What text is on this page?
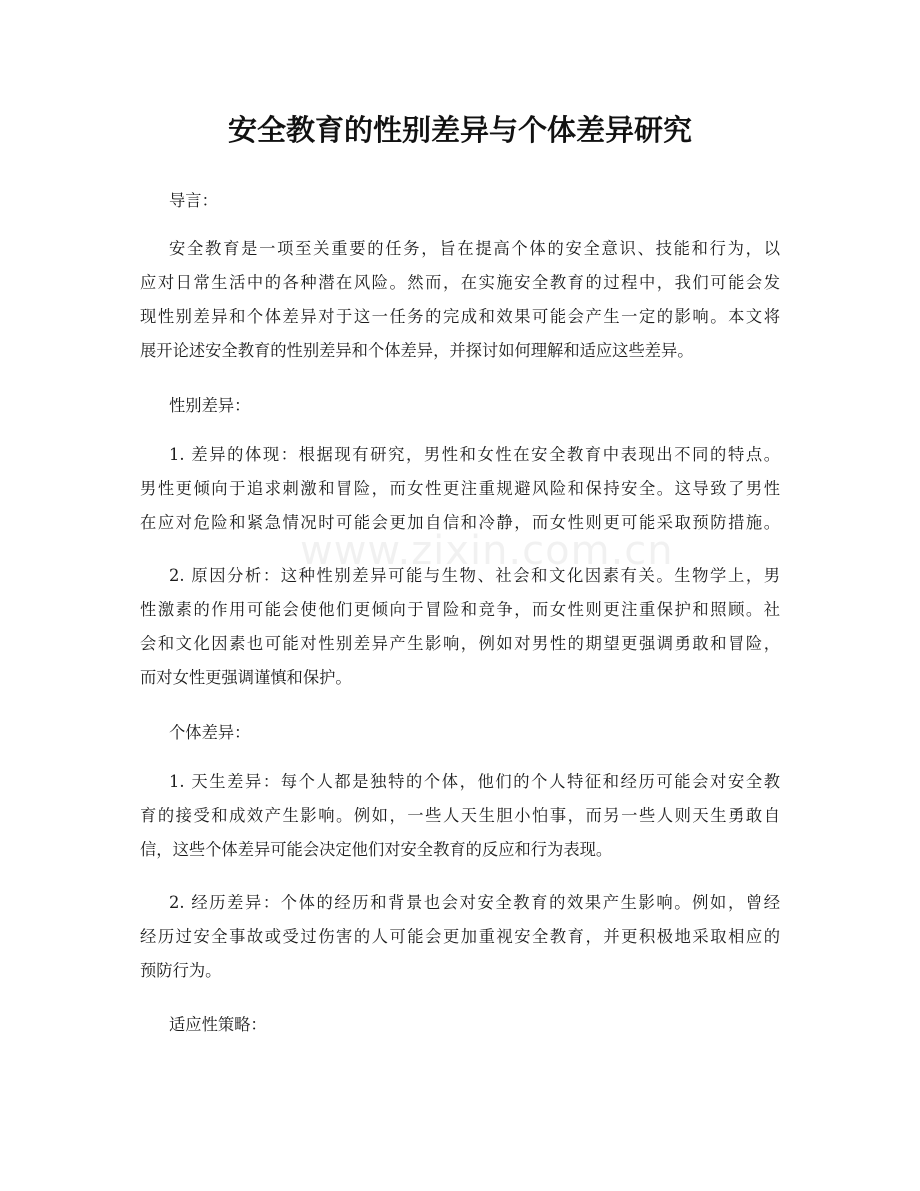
www.zixin.com.cn
安全教育的性别差异与个体差异研究
导言：
安全教育是一项至关重要的任务，旨在提高个体的安全意识、技能和行为，以
应对日常生活中的各种潜在风险。然而，在实施安全教育的过程中，我们可能会发
现性别差异和个体差异对于这一任务的完成和效果可能会产生一定的影响。本文将
展开论述安全教育的性别差异和个体差异，并探讨如何理解和适应这些差异。
性别差异：
1. 差异的体现：根据现有研究，男性和女性在安全教育中表现出不同的特点。
男性更倾向于追求刺激和冒险，而女性更注重规避风险和保持安全。这导致了男性
在应对危险和紧急情况时可能会更加自信和冷静，而女性则更可能采取预防措施。
2. 原因分析：这种性别差异可能与生物、社会和文化因素有关。生物学上，男
性激素的作用可能会使他们更倾向于冒险和竞争，而女性则更注重保护和照顾。社
会和文化因素也可能对性别差异产生影响，例如对男性的期望更强调勇敢和冒险，
而对女性更强调谨慎和保护。
个体差异：
1. 天生差异：每个人都是独特的个体，他们的个人特征和经历可能会对安全教
育的接受和成效产生影响。例如，一些人天生胆小怕事，而另一些人则天生勇敢自
信，这些个体差异可能会决定他们对安全教育的反应和行为表现。
2. 经历差异：个体的经历和背景也会对安全教育的效果产生影响。例如，曾经
经历过安全事故或受过伤害的人可能会更加重视安全教育，并更积极地采取相应的
预防行为。
适应性策略：
